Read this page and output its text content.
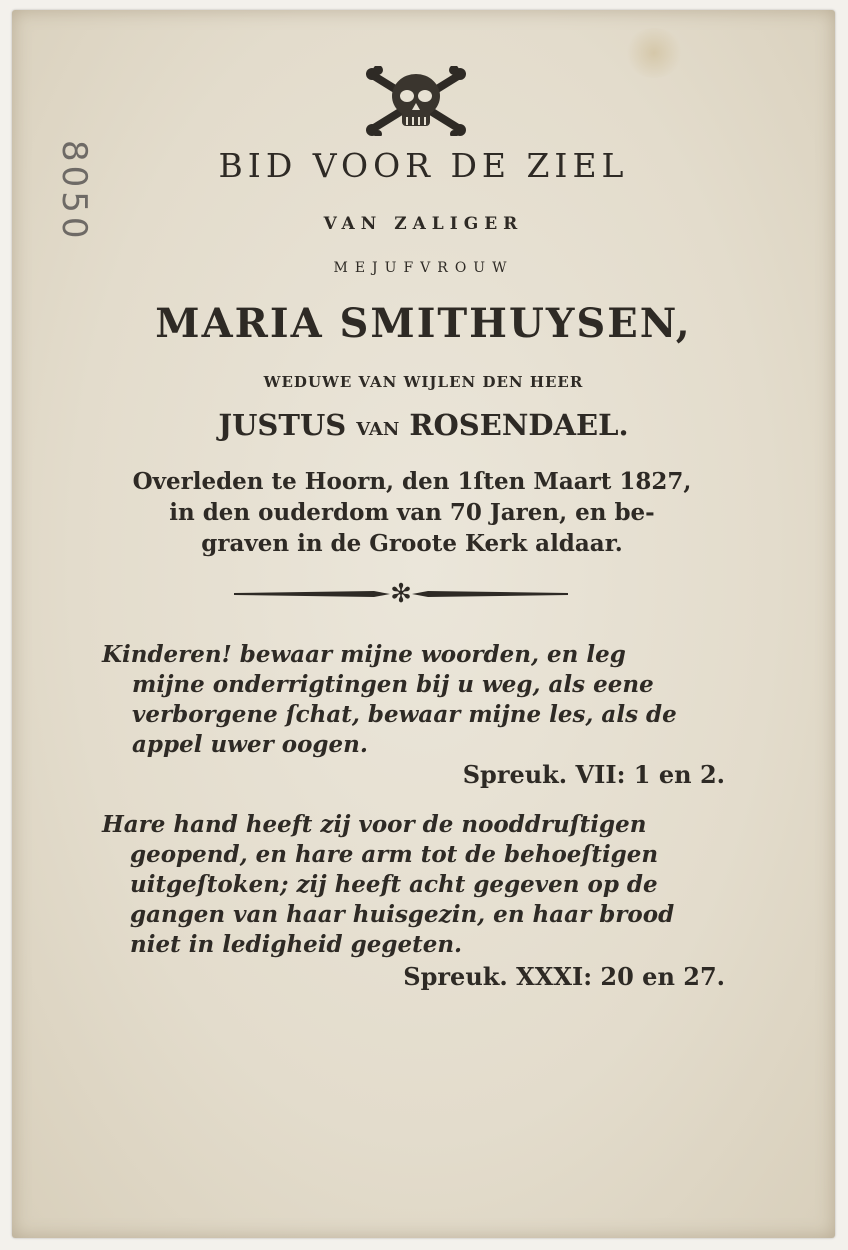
8050	BID VOOR DE ZIEL
VAN ZALIGER
MEJUFVROUW
MARIA SMITHUYSEN,
WEDUWE VAN WIJLEN DEN HEER
JUSTUS VAN ROSENDAEL.
Overleden te Hoorn, den 1ſten Maart 1827,
in den ouderdom van 70 Jaren, en be-
graven in de Groote Kerk aldaar.
✻
Kinderen! bewaar mijne woorden, en leg
mijne onderrigtingen bij u weg, als eene
verborgene ſchat, bewaar mijne les, als de
appel uwer oogen.
Spreuk. VII: 1 en 2.
Hare hand heeft zij voor de nooddruſtigen
geopend, en hare arm tot de behoeſtigen
uitgeſtoken; zij heeft acht gegeven op de
gangen van haar huisgezin, en haar brood
niet in ledigheid gegeten.
Spreuk. XXXI: 20 en 27.
